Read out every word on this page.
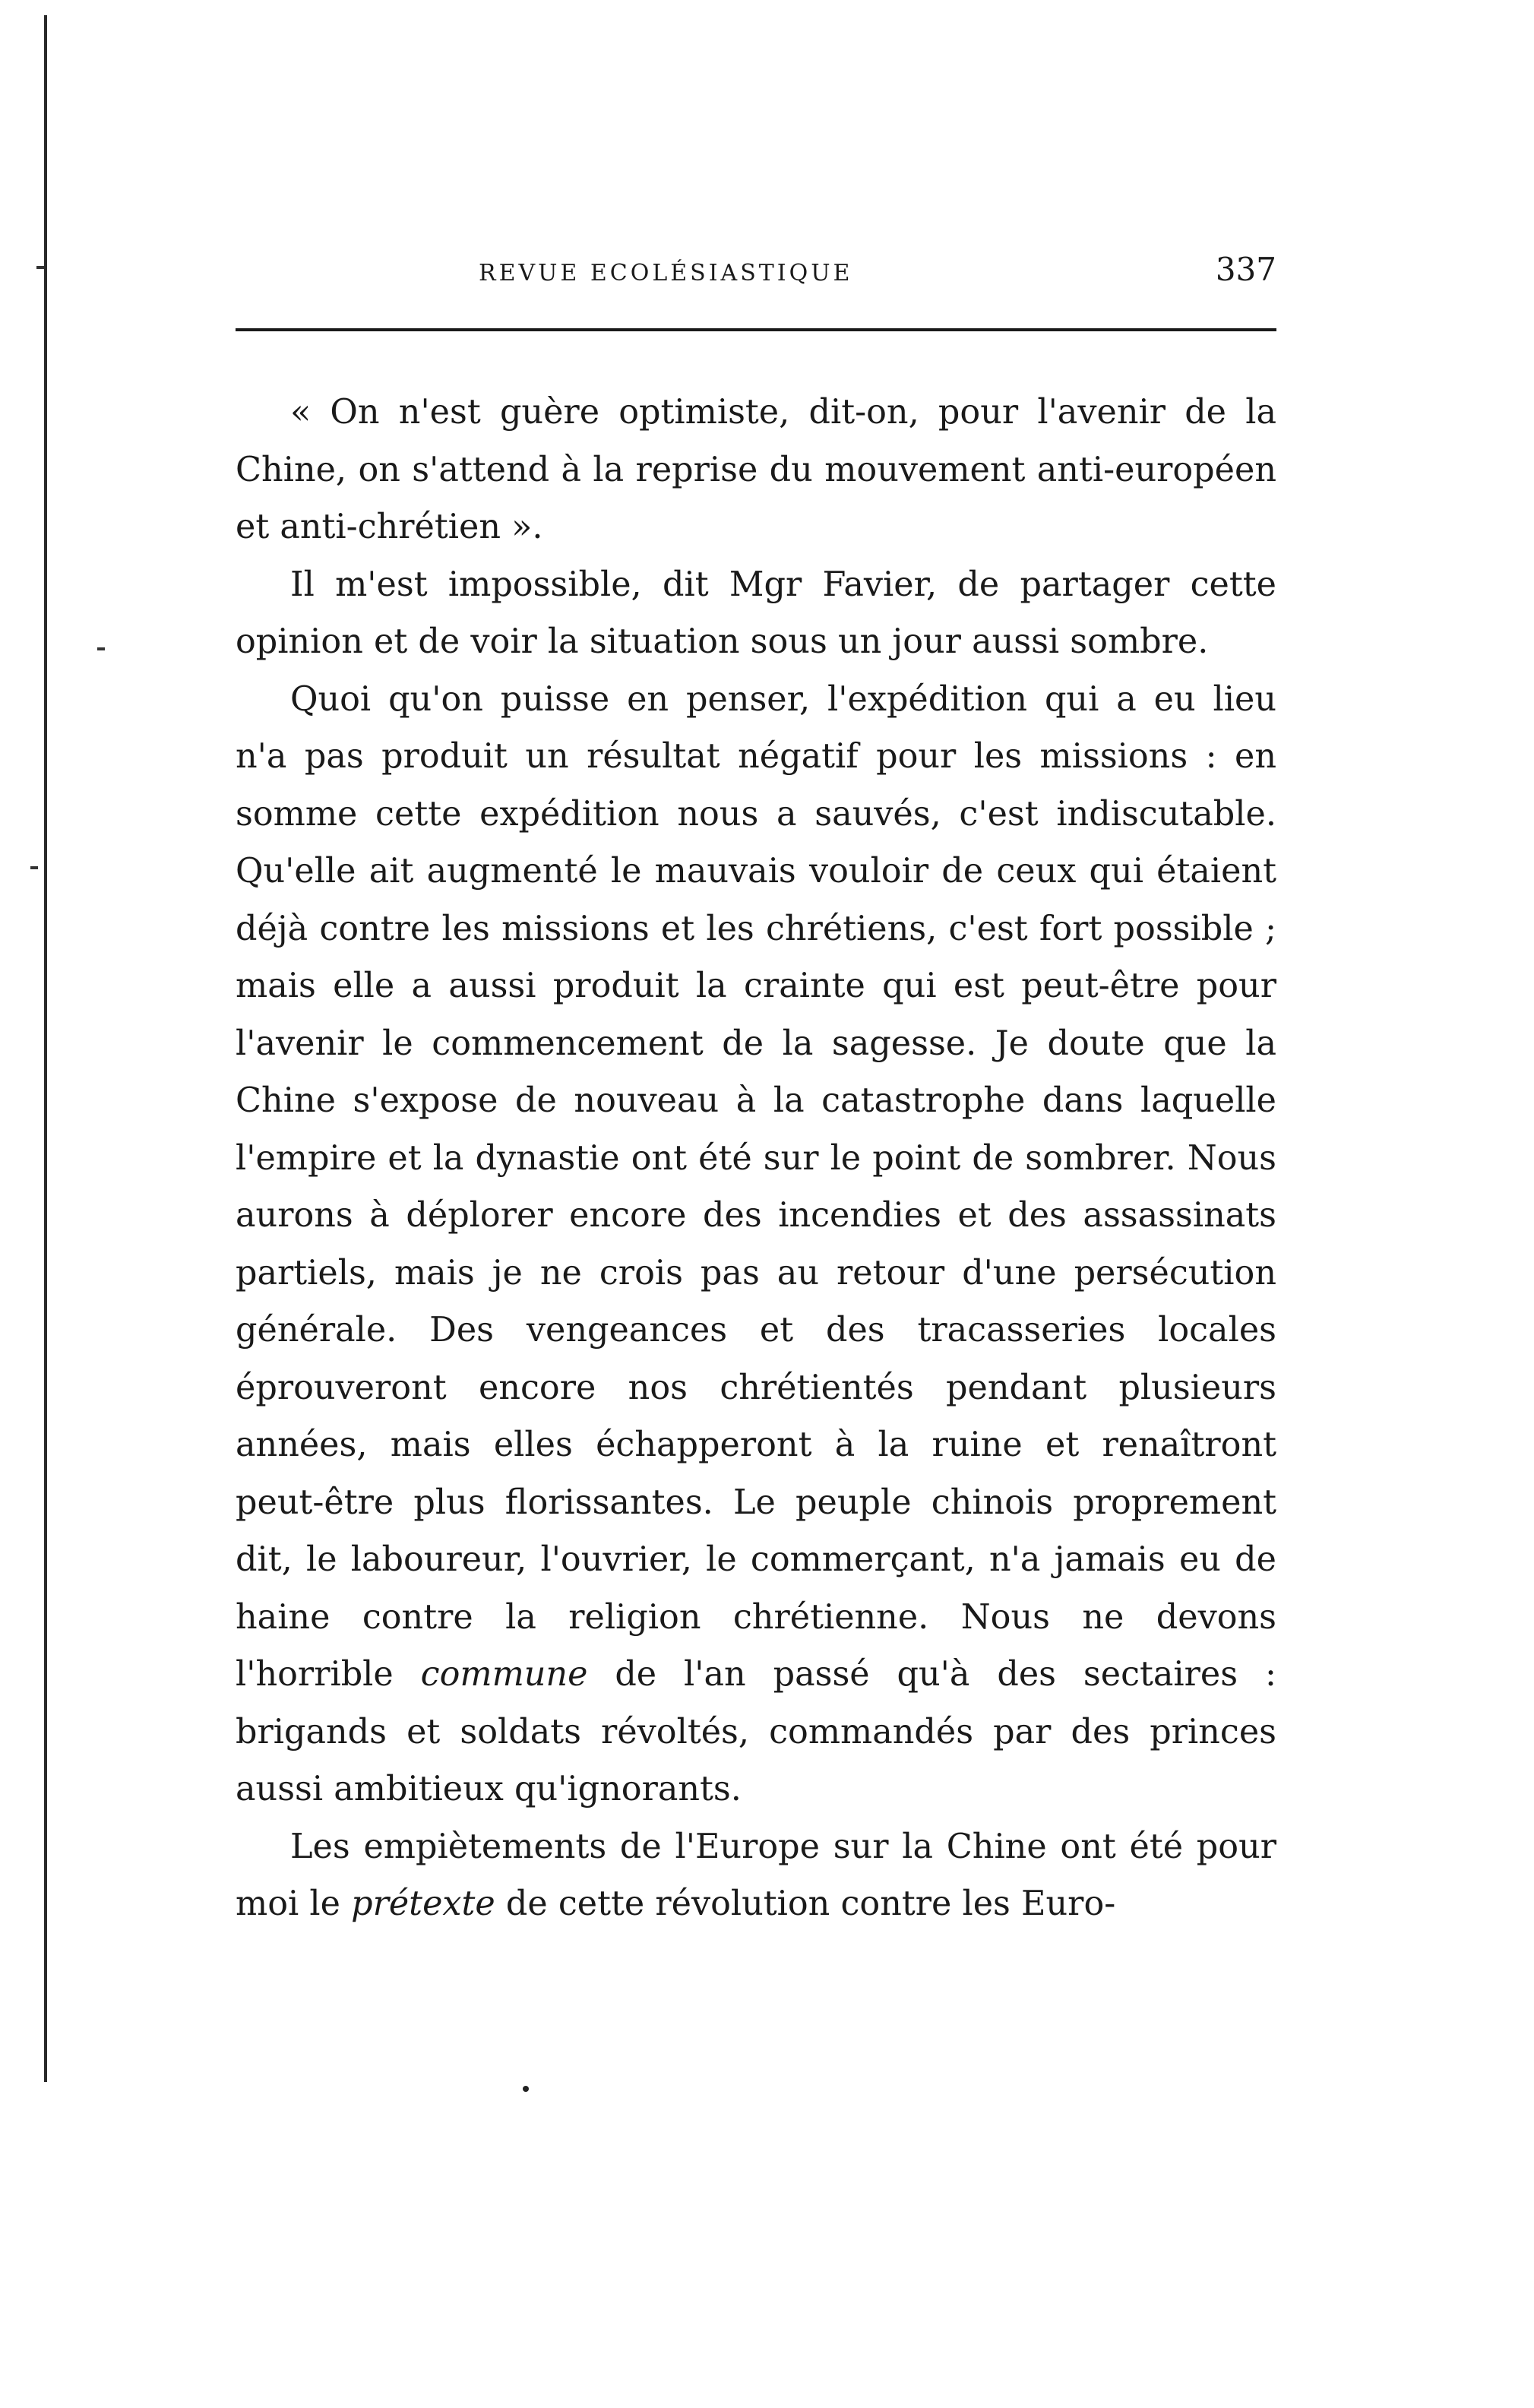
REVUE ECOLÉSIASTIQUE	337

« On n'est guère optimiste, dit-on, pour l'avenir de la Chine, on s'attend à la reprise du mouvement anti-européen et anti-chrétien ».

Il m'est impossible, dit Mgr Favier, de partager cette opinion et de voir la situation sous un jour aussi sombre.

Quoi qu'on puisse en penser, l'expédition qui a eu lieu n'a pas produit un résultat négatif pour les missions : en somme cette expédition nous a sauvés, c'est indiscutable. Qu'elle ait augmenté le mauvais vouloir de ceux qui étaient déjà contre les missions et les chrétiens, c'est fort possible ; mais elle a aussi produit la crainte qui est peut-être pour l'avenir le commencement de la sagesse. Je doute que la Chine s'expose de nouveau à la catastrophe dans laquelle l'empire et la dynastie ont été sur le point de sombrer. Nous aurons à déplorer encore des incendies et des assassinats partiels, mais je ne crois pas au retour d'une persécution générale. Des vengeances et des tracasseries locales éprouveront encore nos chrétientés pendant plusieurs années, mais elles échapperont à la ruine et renaîtront peut-être plus florissantes. Le peuple chinois proprement dit, le laboureur, l'ouvrier, le commerçant, n'a jamais eu de haine contre la religion chrétienne. Nous ne devons l'horrible commune de l'an passé qu'à des sectaires : brigands et soldats révoltés, commandés par des princes aussi ambitieux qu'ignorants.

Les empiètements de l'Europe sur la Chine ont été pour moi le prétexte de cette révolution contre les Euro-
